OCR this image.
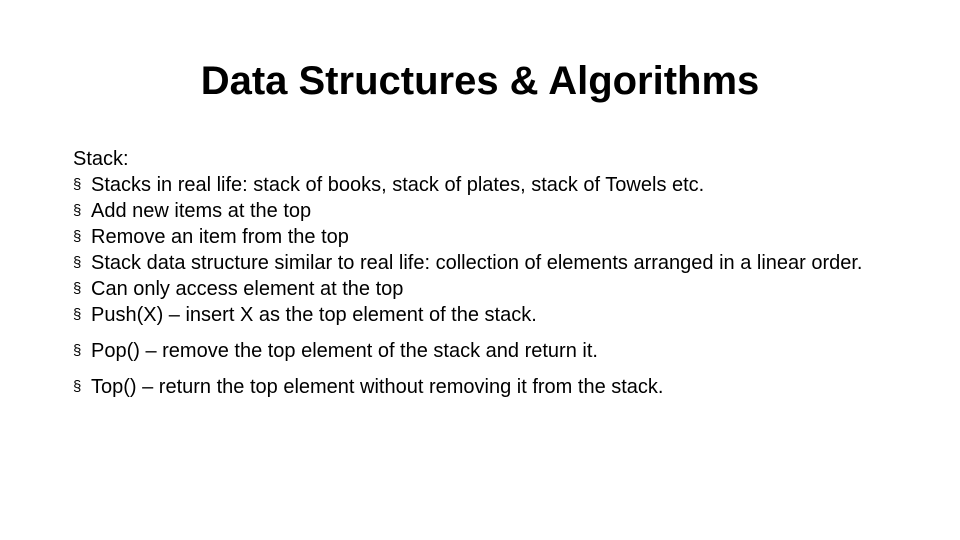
Data Structures & Algorithms
Stack:
§ Stacks in real life: stack of books, stack of plates, stack of Towels etc.
§ Add new items at the top
§ Remove an item from the top
§ Stack data structure similar to real life: collection of elements arranged in a linear order.
§ Can only access element at the top
§ Push(X) – insert X as the top element of the stack.
§ Pop() – remove the top element of the stack and return it.
§ Top() – return the top element without removing it from the stack.
